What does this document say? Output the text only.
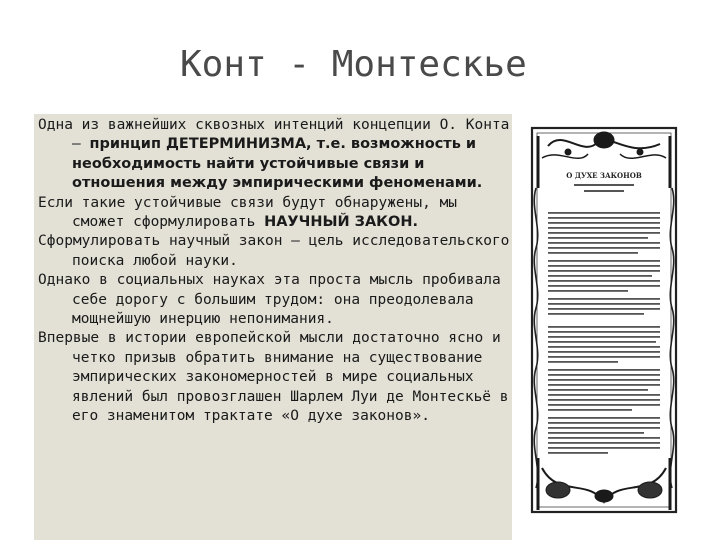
Конт - Монтескье

Одна из важнейших сквозных интенций концепции О. Конта – принцип ДЕТЕРМИНИЗМА, т.е. возможность и необходимость найти устойчивые связи и отношения между эмпирическими феноменами.

Если такие устойчивые связи будут обнаружены, мы сможет сформулировать НАУЧНЫЙ ЗАКОН.

Сформулировать научный закон – цель исследовательского поиска любой науки.

Однако в социальных науках эта проста мысль пробивала себе дорогу с большим трудом: она преодолевала мощнейшую инерцию непонимания.

Впервые в истории европейской мысли достаточно ясно и четко призыв обратить внимание на существование эмпирических закономерностей в мире социальных явлений был провозглашен Шарлем Луи де Монтескьё в его знаменитом трактате «О духе законов».

О ДУХЕ ЗАКОНОВ
